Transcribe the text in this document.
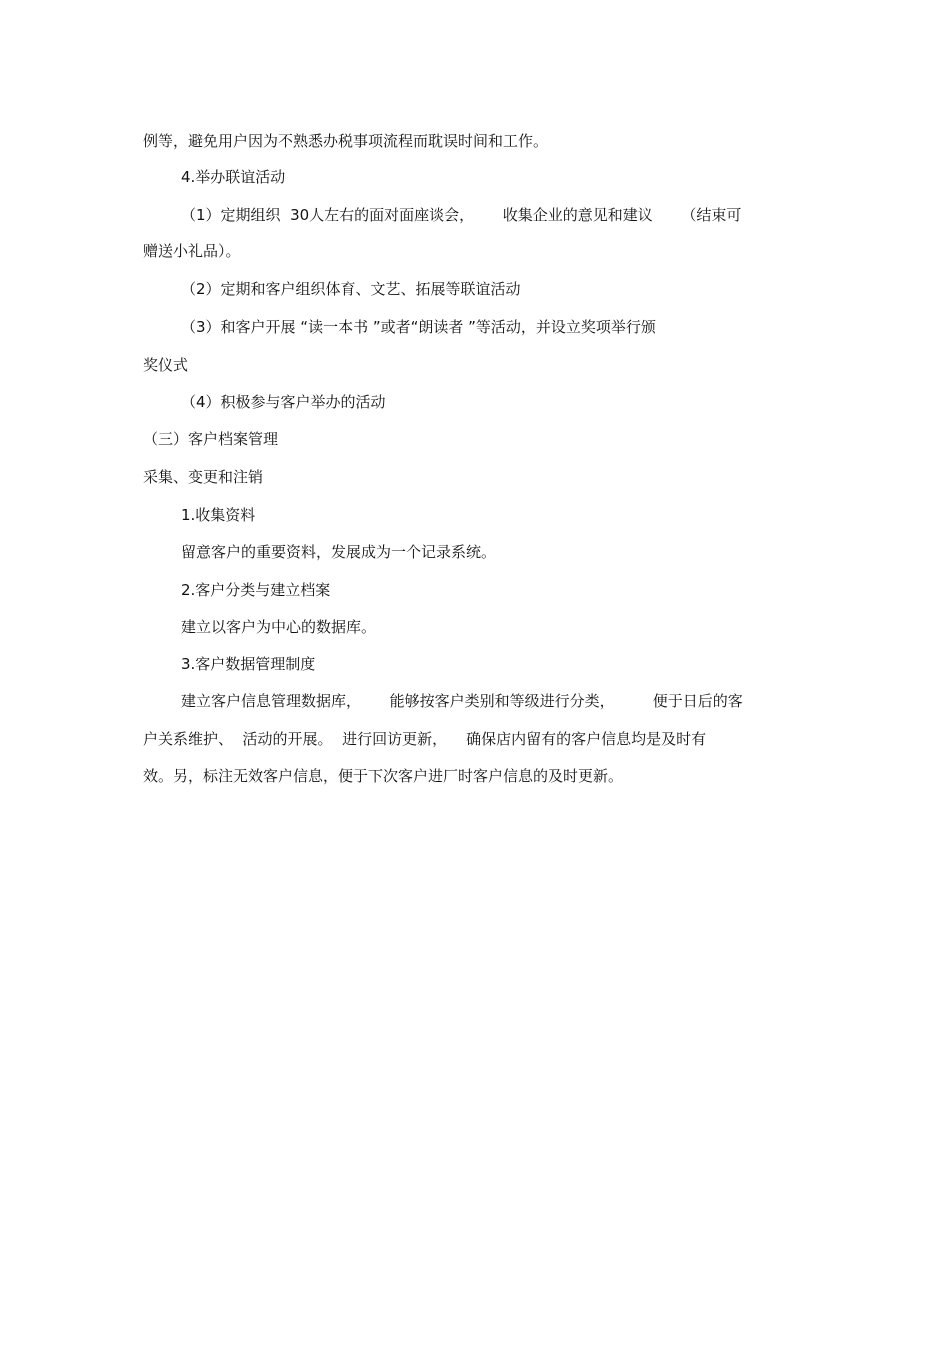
例等，避免用户因为不熟悉办税事项流程而耽误时间和工作。
4.举办联谊活动
（1）定期组织  30人左右的面对面座谈会，      收集企业的意见和建议      （结束可
赠送小礼品）。
（2）定期和客户组织体育、文艺、拓展等联谊活动
（3）和客户开展 “读一本书 ”或者“朗读者 ”等活动，并设立奖项举行颁
奖仪式
（4）积极参与客户举办的活动
（三）客户档案管理
采集、变更和注销
1.收集资料
留意客户的重要资料，发展成为一个记录系统。
2.客户分类与建立档案
建立以客户为中心的数据库。
3.客户数据管理制度
建立客户信息管理数据库，      能够按客户类别和等级进行分类，        便于日后的客
户关系维护、  活动的开展。  进行回访更新，    确保店内留有的客户信息均是及时有
效。另，标注无效客户信息，便于下次客户进厂时客户信息的及时更新。
